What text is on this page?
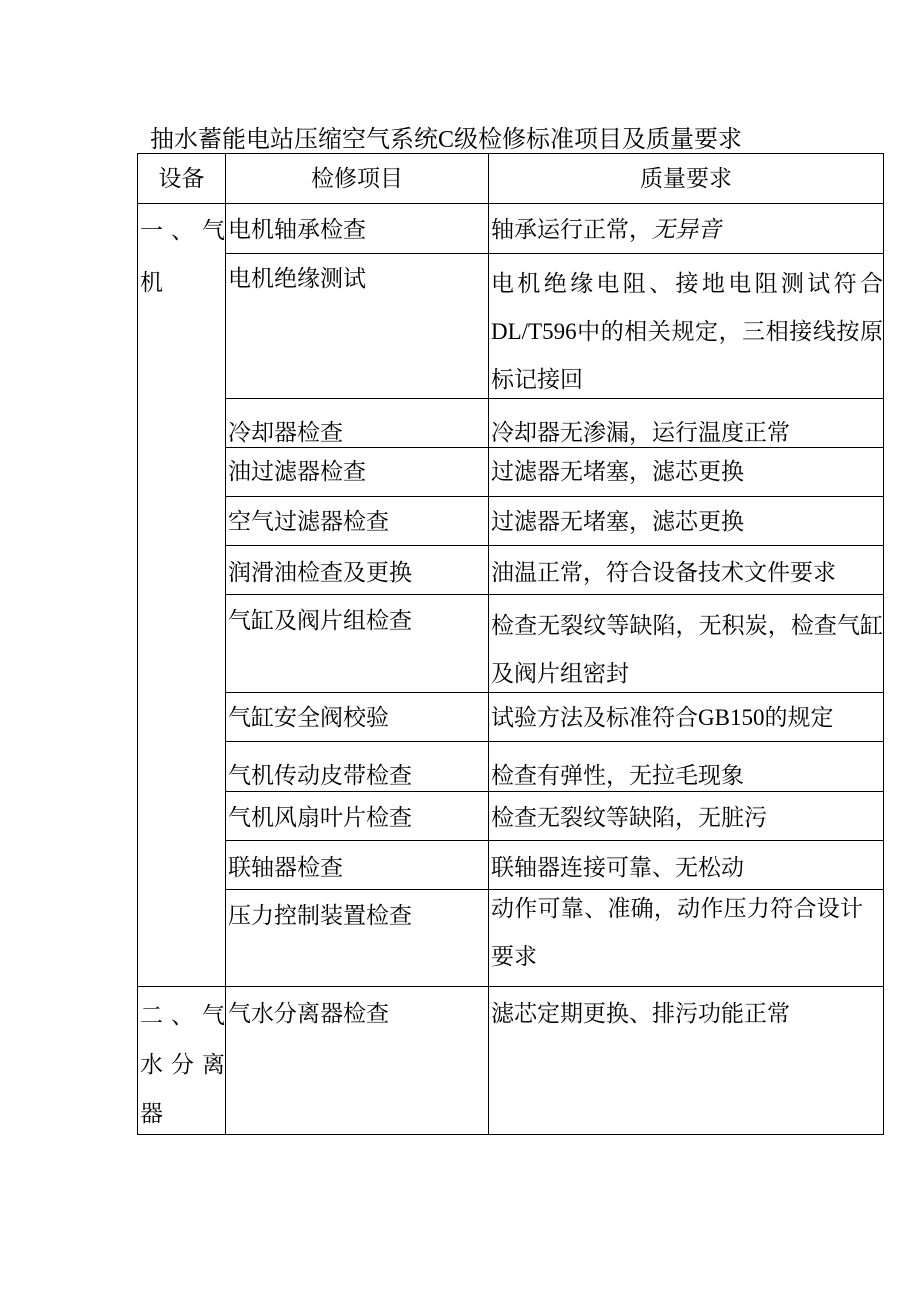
抽水蓄能电站压缩空气系统C级检修标准项目及质量要求
设备	检修项目	质量要求

一、气机	电机轴承检查	轴承运行正常，无异音

	电机绝缘测试	电机绝缘电阻、接地电阻测试符合DL/T596中的相关规定，三相接线按原标记接回

	冷却器检查	冷却器无渗漏，运行温度正常

	油过滤器检查	过滤器无堵塞，滤芯更换

	空气过滤器检查	过滤器无堵塞，滤芯更换

	润滑油检查及更换	油温正常，符合设备技术文件要求

	气缸及阀片组检查	检查无裂纹等缺陷，无积炭，检查气缸及阀片组密封

	气缸安全阀校验	试验方法及标准符合GB150的规定

	气机传动皮带检查	检查有弹性，无拉毛现象

	气机风扇叶片检查	检查无裂纹等缺陷，无脏污

	联轴器检查	联轴器连接可靠、无松动

	压力控制装置检查	动作可靠、准确，动作压力符合设计要求

二、气水分离器	气水分离器检查	滤芯定期更换、排污功能正常
